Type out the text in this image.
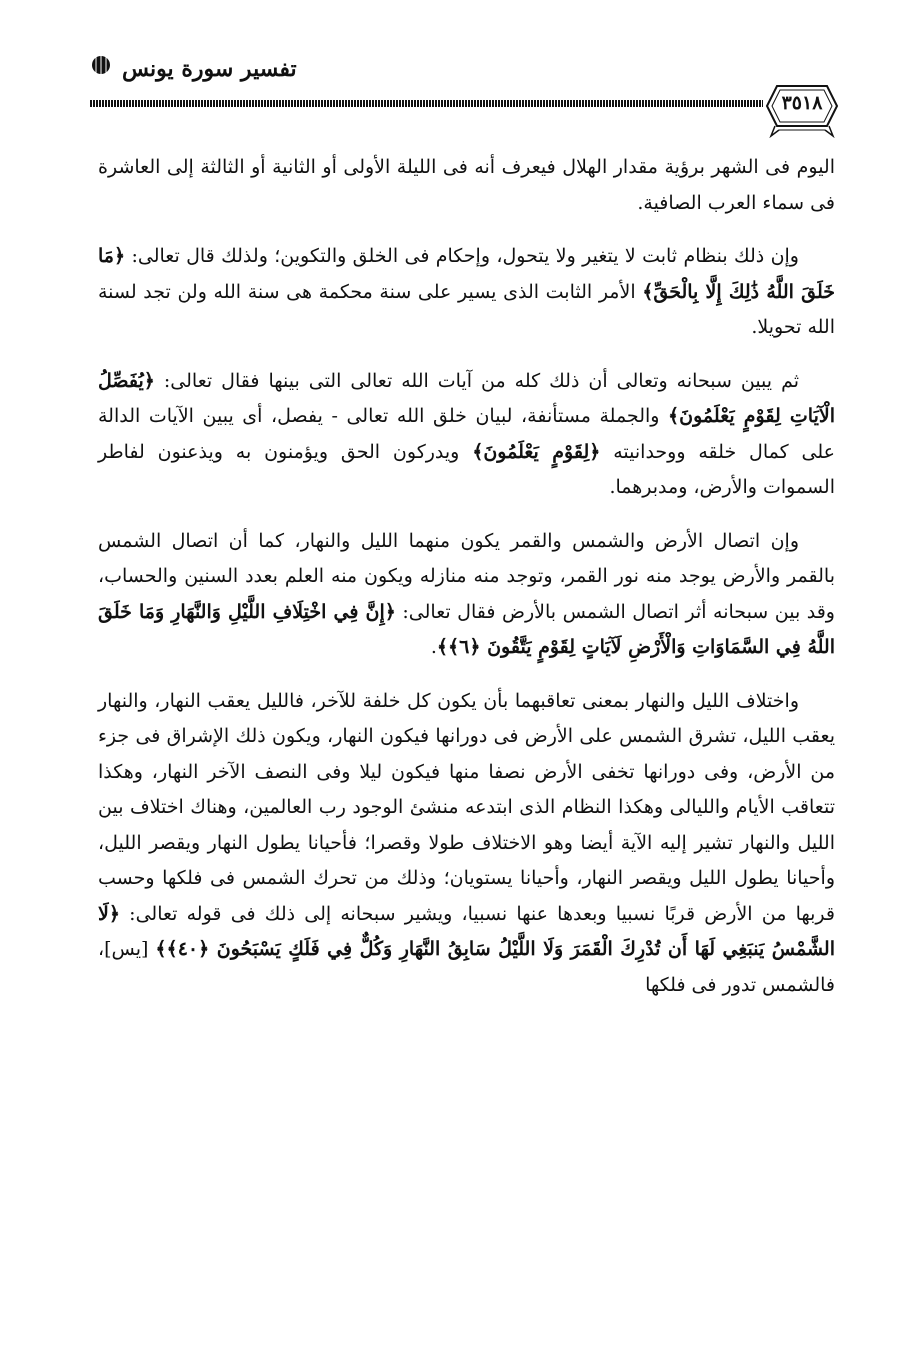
تفسير سورة يونس
٣٥١٨

اليوم فى الشهر برؤية مقدار الهلال فيعرف أنه فى الليلة الأولى أو الثانية أو الثالثة إلى العاشرة فى سماء العرب الصافية.

وإن ذلك بنظام ثابت لا يتغير ولا يتحول، وإحكام فى الخلق والتكوين؛ ولذلك قال تعالى: ﴿مَا خَلَقَ اللَّهُ ذَٰلِكَ إِلَّا بِالْحَقِّ﴾ الأمر الثابت الذى يسير على سنة محكمة هى سنة الله ولن تجد لسنة الله تحويلا.

ثم يبين سبحانه وتعالى أن ذلك كله من آيات الله تعالى التى بينها فقال تعالى: ﴿يُفَصِّلُ الْآيَاتِ لِقَوْمٍ يَعْلَمُونَ﴾ والجملة مستأنفة، لبيان خلق الله تعالى - يفصل، أى يبين الآيات الدالة على كمال خلقه ووحدانيته ﴿لِقَوْمٍ يَعْلَمُونَ﴾ ويدركون الحق ويؤمنون به ويذعنون لفاطر السموات والأرض، ومدبرهما.

وإن اتصال الأرض والشمس والقمر يكون منهما الليل والنهار، كما أن اتصال الشمس بالقمر والأرض يوجد منه نور القمر، وتوجد منه منازله ويكون منه العلم بعدد السنين والحساب، وقد بين سبحانه أثر اتصال الشمس بالأرض فقال تعالى: ﴿إِنَّ فِي اخْتِلَافِ اللَّيْلِ وَالنَّهَارِ وَمَا خَلَقَ اللَّهُ فِي السَّمَاوَاتِ وَالْأَرْضِ لَآيَاتٍ لِقَوْمٍ يَتَّقُونَ ﴿٦﴾﴾.

واختلاف الليل والنهار بمعنى تعاقبهما بأن يكون كل خلفة للآخر، فالليل يعقب النهار، والنهار يعقب الليل، تشرق الشمس على الأرض فى دورانها فيكون النهار، ويكون ذلك الإشراق فى جزء من الأرض، وفى دورانها تخفى الأرض نصفا منها فيكون ليلا وفى النصف الآخر النهار، وهكذا تتعاقب الأيام والليالى وهكذا النظام الذى ابتدعه منشئ الوجود رب العالمين، وهناك اختلاف بين الليل والنهار تشير إليه الآية أيضا وهو الاختلاف طولا وقصرا؛ فأحيانا يطول النهار ويقصر الليل، وأحيانا يطول الليل ويقصر النهار، وأحيانا يستويان؛ وذلك من تحرك الشمس فى فلكها وحسب قربها من الأرض قربًا نسبيا وبعدها عنها نسبيا، ويشير سبحانه إلى ذلك فى قوله تعالى: ﴿لَا الشَّمْسُ يَنبَغِي لَهَا أَن تُدْرِكَ الْقَمَرَ وَلَا اللَّيْلُ سَابِقُ النَّهَارِ وَكُلٌّ فِي فَلَكٍ يَسْبَحُونَ ﴿٤٠﴾﴾ [يس]، فالشمس تدور فى فلكها
